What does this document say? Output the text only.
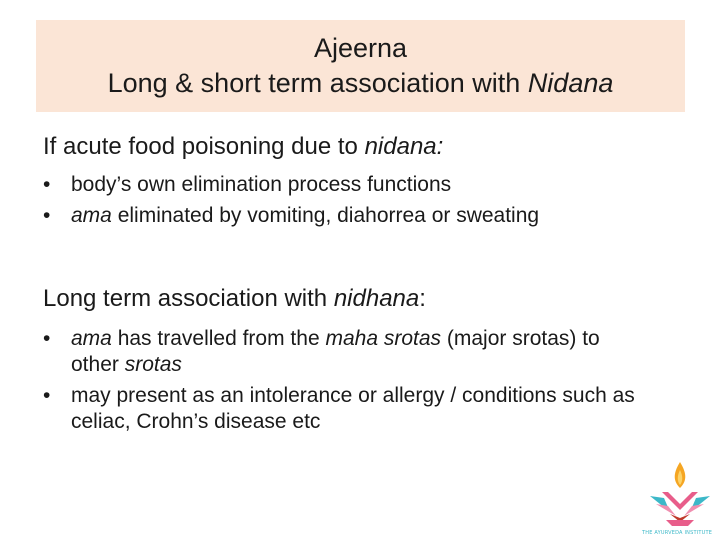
Ajeerna
Long & short term association with Nidana
If acute food poisoning due to nidana:
• body’s own elimination process functions
• ama eliminated by vomiting, diahorrea or sweating
Long term association with nidhana:
• ama has travelled from the maha srotas (major srotas) to other srotas
• may present as an intolerance or allergy / conditions such as celiac, Crohn’s disease etc
THE AYURVEDA INSTITUTE
